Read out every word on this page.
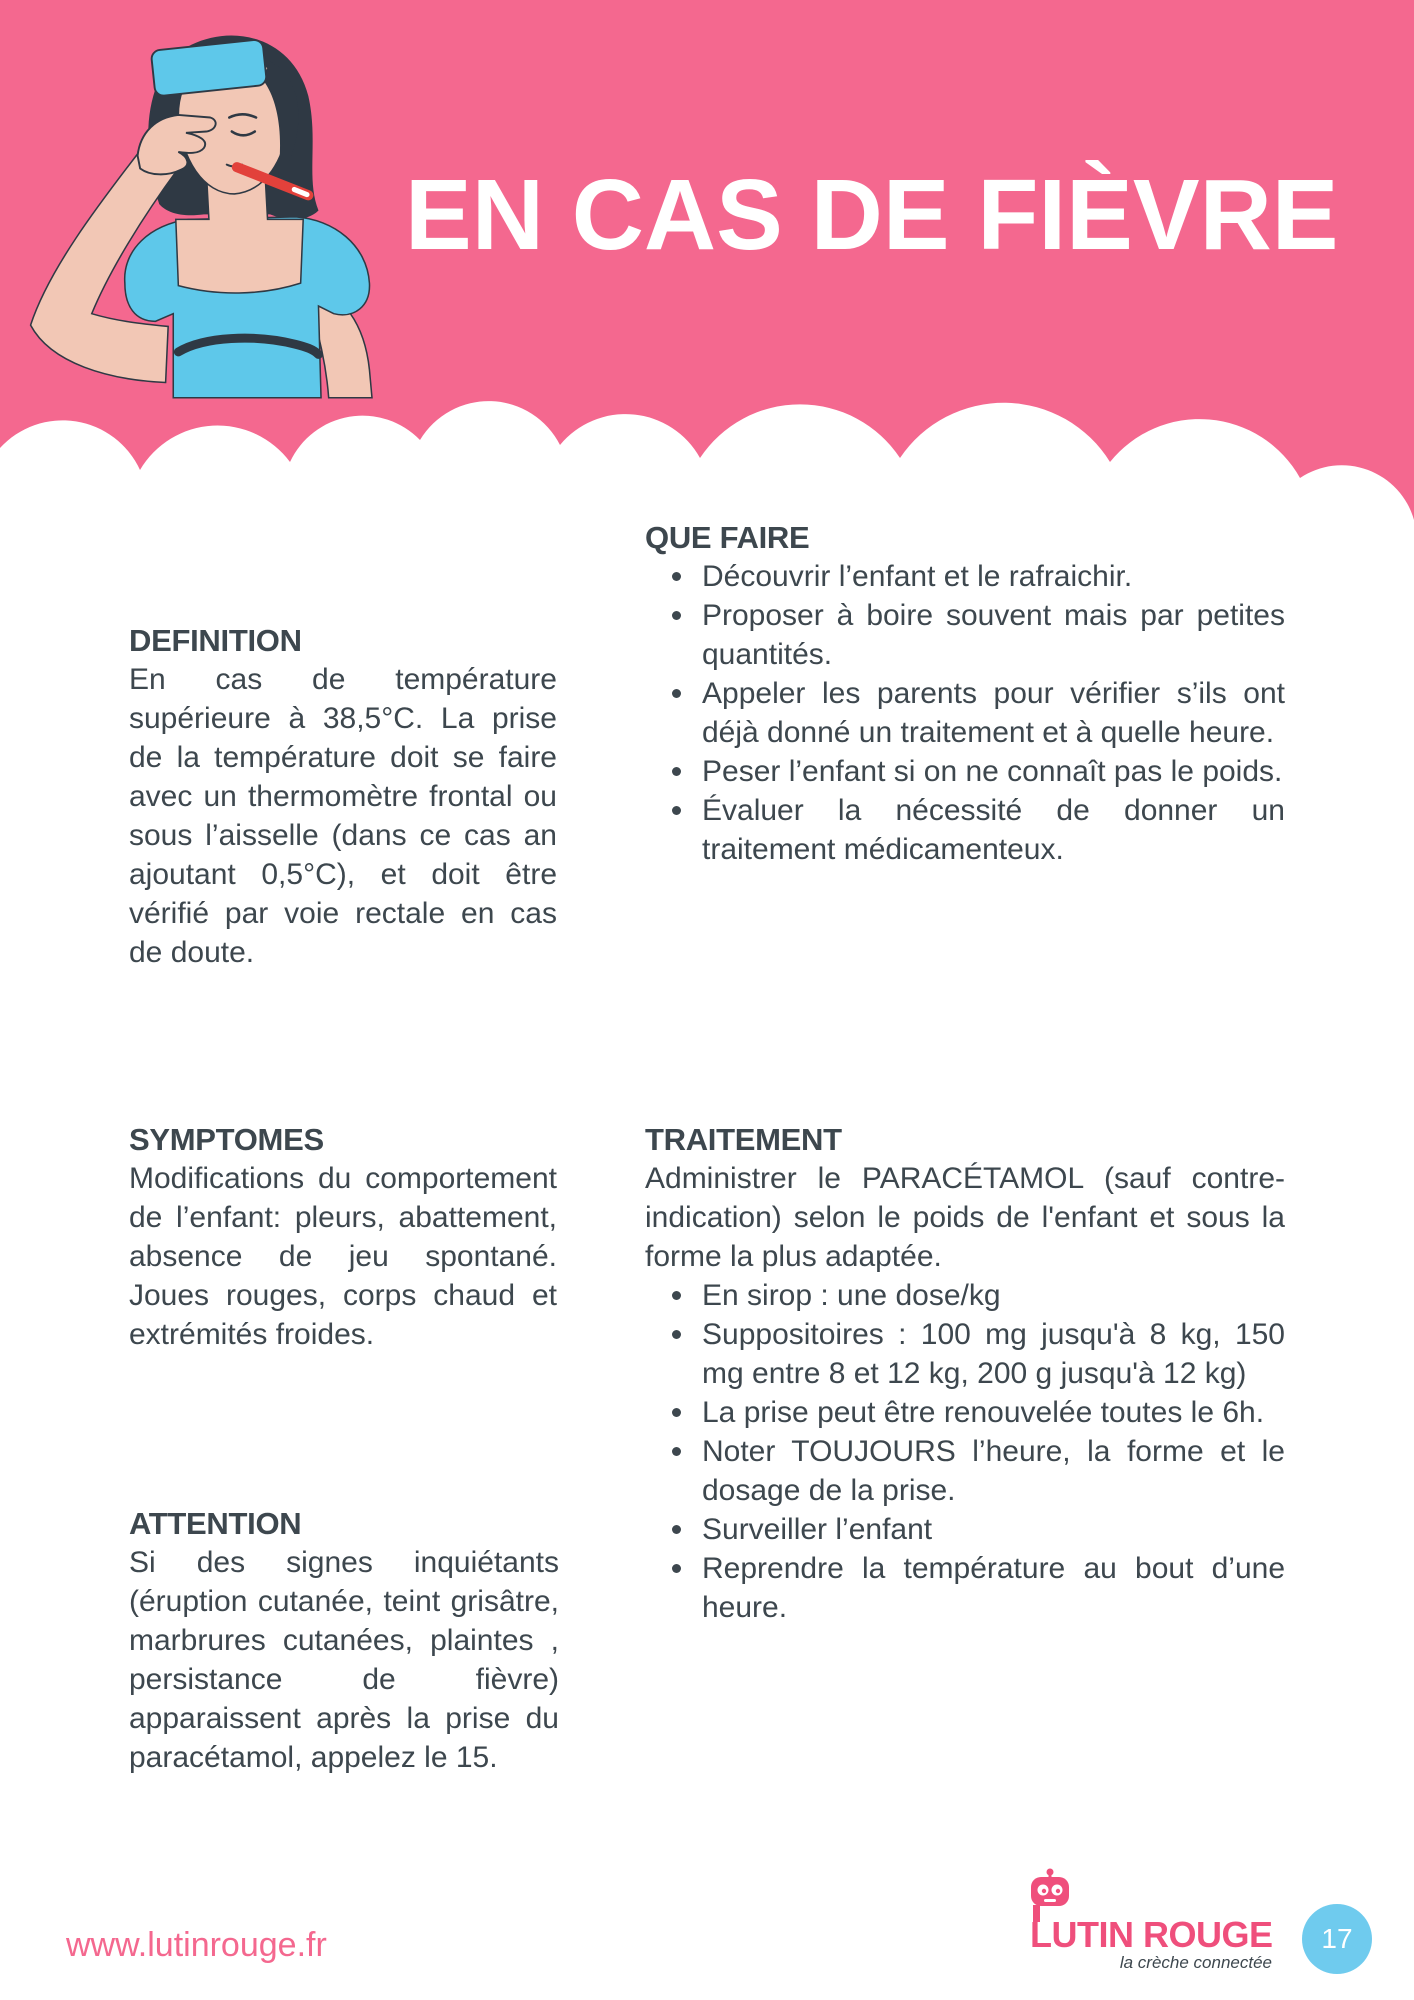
EN CAS DE FIÈVRE
DEFINITION

En cas de température supérieure à 38,5°C. La prise de la température doit se faire avec un thermomètre frontal ou sous l’aisselle (dans ce cas an ajoutant 0,5°C), et doit être vérifié par voie rectale en cas de doute.

QUE FAIRE
Découvrir l’enfant et le rafraichir.
Proposer à boire souvent mais par petites quantités.
Appeler les parents pour vérifier s’ils ont déjà donné un traitement et à quelle heure.
Peser l’enfant si on ne connaît pas le poids.
Évaluer la nécessité de donner un traitement médicamenteux.
SYMPTOMES

Modifications du comportement de l’enfant: pleurs, abattement, absence de jeu spontané. Joues rouges, corps chaud et extrémités froides.

TRAITEMENT

Administrer le PARACÉTAMOL (sauf contre-indication) selon le poids de l'enfant et sous la forme la plus adaptée.

En sirop : une dose/kg
Suppositoires : 100 mg jusqu'à 8 kg, 150 mg entre 8 et 12 kg, 200 g jusqu'à 12 kg)
La prise peut être renouvelée toutes le 6h.
Noter TOUJOURS l’heure, la forme et le dosage de la prise.
Surveiller l’enfant
Reprendre la température au bout d’une heure.
ATTENTION

Si des signes inquiétants (éruption cutanée, teint grisâtre, marbrures cutanées, plaintes , persistance de fièvre) apparaissent après la prise du paracétamol, appelez le 15.

www.lutinrouge.fr	LUTIN ROUGE
la crèche connectée
17
